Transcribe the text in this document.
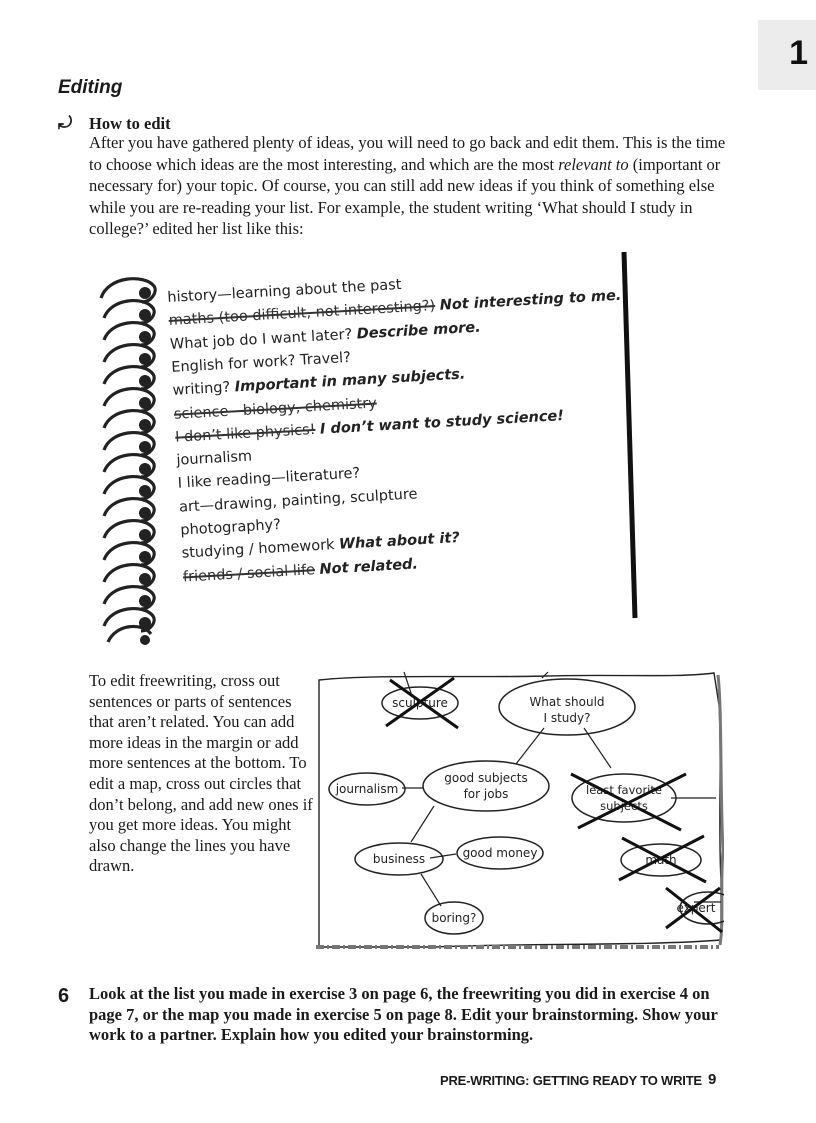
1
Editing
⤾ How to edit

After you have gathered plenty of ideas, you will need to go back and edit them. This is the time to choose which ideas are the most interesting, and which are the most relevant to (important or necessary for) your topic. Of course, you can still add new ideas if you think of something else while you are re-reading your list. For example, the student writing ‘What should I study in college?’ edited her list like this:

history—learning about the past
maths (too difficult, not interesting?) Not interesting to me.
What job do I want later? Describe more.
English for work? Travel?
writing? Important in many subjects.
science—biology, chemistry
I don’t like physics! I don’t want to study science!
journalism
I like reading—literature?
art—drawing, painting, sculpture
photography?
studying / homework What about it?
friends / social life Not related.

To edit freewriting, cross out sentences or parts of sentences that aren’t related. You can add more ideas in the margin or add more sentences at the bottom. To edit a map, cross out circles that don’t belong, and add new ones if you get more ideas. You might also change the lines you have drawn.

What should
I study?
good subjects
for jobs
journalism
business	good money
boring?
sculpture
least favorite
subjects
math
expert
6 Look at the list you made in exercise 3 on page 6, the freewriting you did in exercise 4 on page 7, or the map you made in exercise 5 on page 8. Edit your brainstorming. Show your work to a partner. Explain how you edited your brainstorming.

PRE-WRITING: GETTING READY TO WRITE 9
